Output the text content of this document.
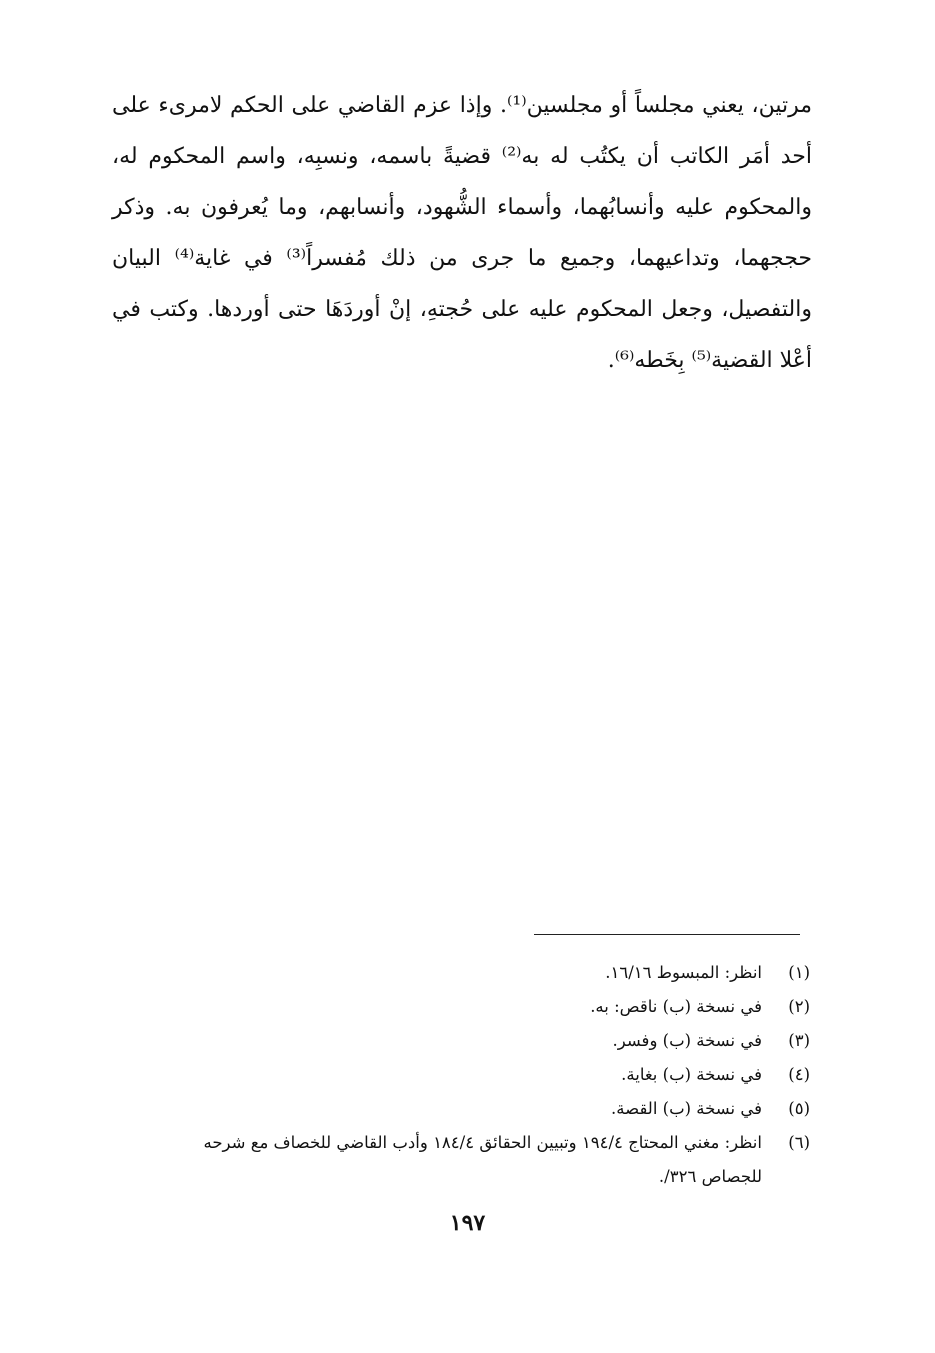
مرتين، يعني مجلساً أو مجلسين⁽¹⁾. وإذا عزم القاضي على الحكم لامرىء على
أحد أمَر الكاتب أن يكتُب له به⁽²⁾ قضيةً باسمه، ونسبِه، واسم المحكوم له،
والمحكوم عليه وأنسابُهما، وأسماء الشُّهود، وأنسابهم، وما يُعرفون به. وذكر
حججهما، وتداعيهما، وجميع ما جرى من ذلك مُفسراً⁽³⁾ في غاية⁽⁴⁾ البيان
والتفصيل، وجعل المحكوم عليه على حُجتهِ، إنْ أوردَهَا حتى أوردها. وكتب في
أعْلا القضية⁽⁵⁾ بِخَطه⁽⁶⁾.
(١)
انظر: المبسوط ١٦/١٦.
(٢)
في نسخة (ب) ناقص: به.
(٣)
في نسخة (ب) وفسر.
(٤)
في نسخة (ب) بغاية.
(٥)
في نسخة (ب) القصة.
(٦)
انظر: مغني المحتاج ١٩٤/٤ وتبيين الحقائق ١٨٤/٤ وأدب القاضي للخصاف مع شرحه
للجصاص ٣٢٦/.
١٩٧
